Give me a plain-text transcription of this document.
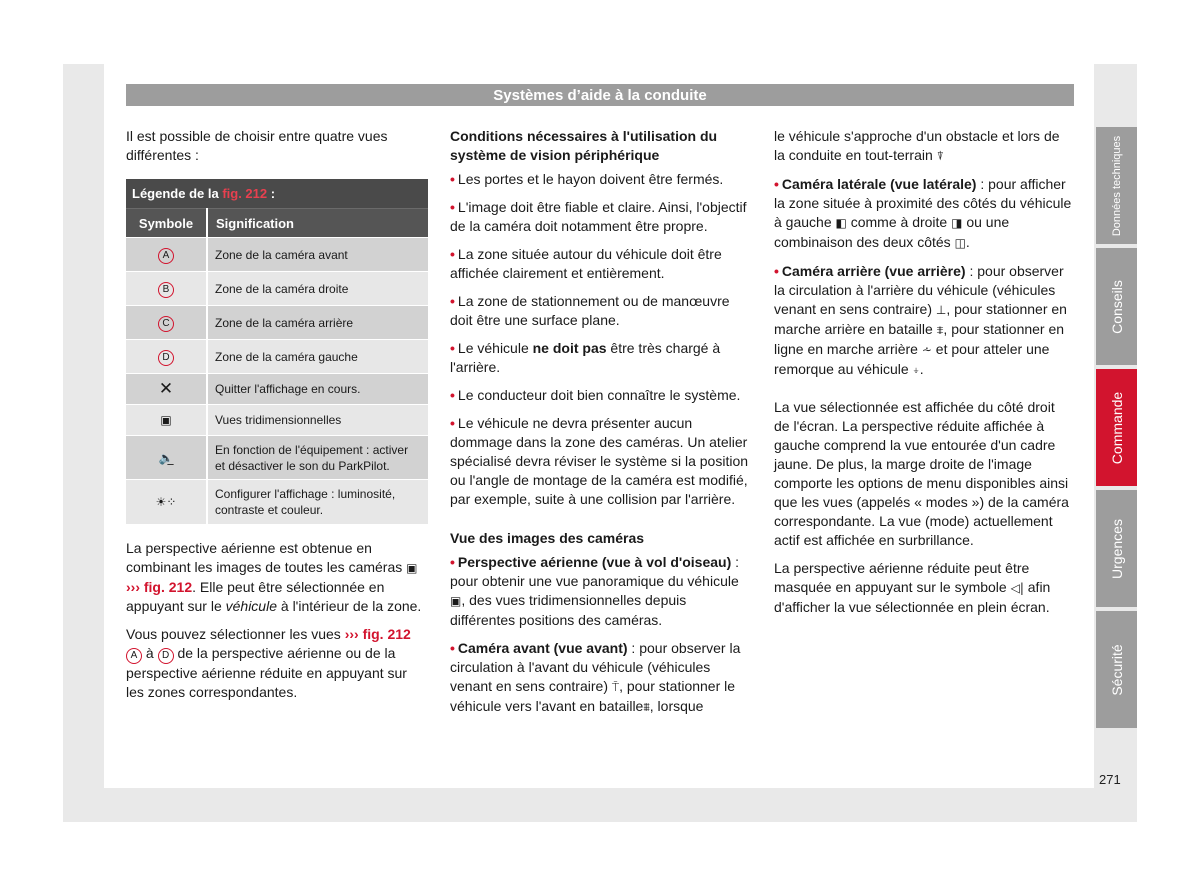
Systèmes d’aide à la conduite

Il est possible de choisir entre quatre vues différentes :

Légende de la fig. 212 :	
Symbole	Signification
A	Zone de la caméra avant
B	Zone de la caméra droite
C	Zone de la caméra arrière
D	Zone de la caméra gauche
✕	Quitter l'affichage en cours.
▣	Vues tridimensionnelles
🔈̲	En fonction de l'équipement : activer et désactiver le son du ParkPilot.
☀⁘	Configurer l'affichage : luminosité, contraste et couleur.

La perspective aérienne est obtenue en combinant les images de toutes les caméras ▣ ››› fig. 212. Elle peut être sélectionnée en appuyant sur le véhicule à l'intérieur de la zone.

Vous pouvez sélectionner les vues ››› fig. 212 A à D de la perspective aérienne ou de la perspective aérienne réduite en appuyant sur les zones correspondantes.

Conditions nécessaires à l'utilisation du système de vision périphérique

• Les portes et le hayon doivent être fermés.

• L'image doit être fiable et claire. Ainsi, l'objectif de la caméra doit notamment être propre.

• La zone située autour du véhicule doit être affichée clairement et entièrement.

• La zone de stationnement ou de manœuvre doit être une surface plane.

• Le véhicule ne doit pas être très chargé à l'arrière.

• Le conducteur doit bien connaître le système.

• Le véhicule ne devra présenter aucun dommage dans la zone des caméras. Un atelier spécialisé devra réviser le système si la position ou l'angle de montage de la caméra est modifié, par exemple, suite à une collision par l'arrière.

Vue des images des caméras

• Perspective aérienne (vue à vol d'oiseau) : pour obtenir une vue panoramique du véhicule ▣, des vues tridimensionnelles depuis différentes positions des caméras.

• Caméra avant (vue avant) : pour observer la circulation à l'avant du véhicule (véhicules venant en sens contraire) ⍑, pour stationner le véhicule vers l'avant en bataille⩩, lorsque

le véhicule s'approche d'un obstacle et lors de la conduite en tout-terrain ⍒

• Caméra latérale (vue latérale) : pour afficher la zone située à proximité des côtés du véhicule à gauche ◧ comme à droite ◨ ou une combinaison des deux côtés ◫.

• Caméra arrière (vue arrière) : pour observer la circulation à l'arrière du véhicule (véhicules venant en sens contraire) ⊥, pour stationner en marche arrière en bataille ⩨, pour stationner en ligne en marche arrière ⩪ et pour atteler une remorque au véhicule ⍖.

La vue sélectionnée est affichée du côté droit de l'écran. La perspective réduite affichée à gauche comprend la vue entourée d'un cadre jaune. De plus, la marge droite de l'image comporte les options de menu disponibles ainsi que les vues (appelés « modes ») de la caméra correspondante. La vue (mode) actuellement actif est affichée en surbrillance.

La perspective aérienne réduite peut être masquée en appuyant sur le symbole ◁| afin d'afficher la vue sélectionnée en plein écran.

Données techniques
Conseils
Commande
Urgences
Sécurité
271
